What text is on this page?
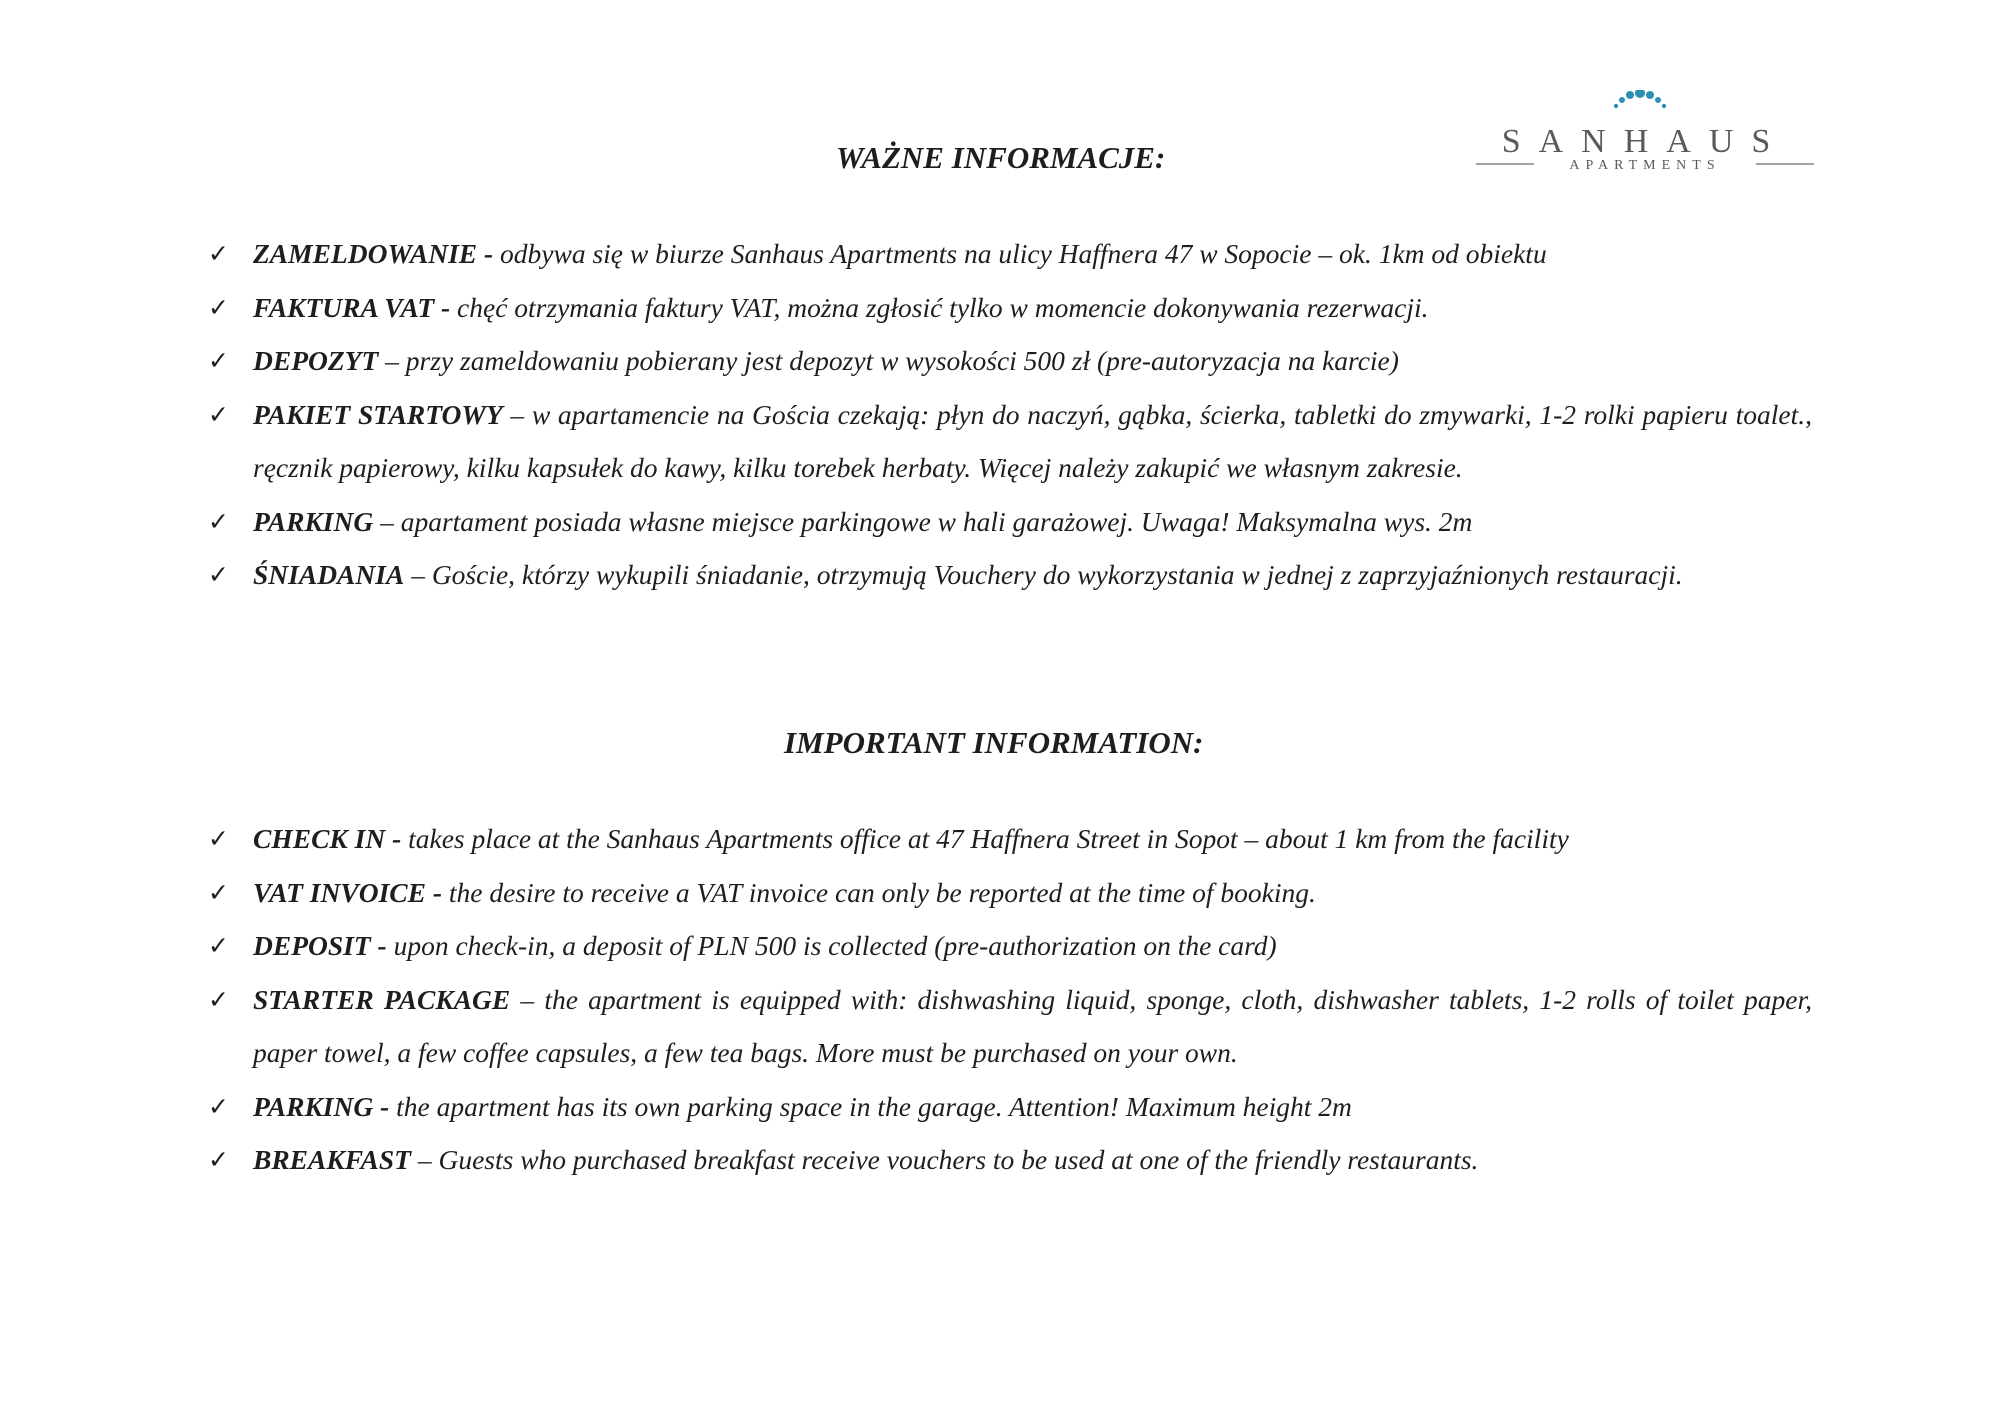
SANHAUS
APARTMENTS
WAŻNE INFORMACJE:
✓ ZAMELDOWANIE - odbywa się w biurze Sanhaus Apartments na ulicy Haffnera 47 w Sopocie – ok. 1km od obiektu
✓ FAKTURA VAT - chęć otrzymania faktury VAT, można zgłosić tylko w momencie dokonywania rezerwacji.
✓ DEPOZYT – przy zameldowaniu pobierany jest depozyt w wysokości 500 zł (pre-autoryzacja na karcie)
✓ PAKIET STARTOWY – w apartamencie na Gościa czekają: płyn do naczyń, gąbka, ścierka, tabletki do zmywarki, 1-2 rolki papieru toalet., ręcznik papierowy, kilku kapsułek do kawy, kilku torebek herbaty. Więcej należy zakupić we własnym zakresie.
✓ PARKING – apartament posiada własne miejsce parkingowe w hali garażowej. Uwaga! Maksymalna wys. 2m
✓ ŚNIADANIA – Goście, którzy wykupili śniadanie, otrzymują Vouchery do wykorzystania w jednej z zaprzyjaźnionych restauracji.
IMPORTANT INFORMATION:
✓ CHECK IN - takes place at the Sanhaus Apartments office at 47 Haffnera Street in Sopot – about 1 km from the facility
✓ VAT INVOICE - the desire to receive a VAT invoice can only be reported at the time of booking.
✓ DEPOSIT - upon check-in, a deposit of PLN 500 is collected (pre-authorization on the card)
✓ STARTER PACKAGE – the apartment is equipped with: dishwashing liquid, sponge, cloth, dishwasher tablets, 1-2 rolls of toilet paper, paper towel, a few coffee capsules, a few tea bags. More must be purchased on your own.
✓ PARKING - the apartment has its own parking space in the garage. Attention! Maximum height 2m
✓ BREAKFAST – Guests who purchased breakfast receive vouchers to be used at one of the friendly restaurants.
